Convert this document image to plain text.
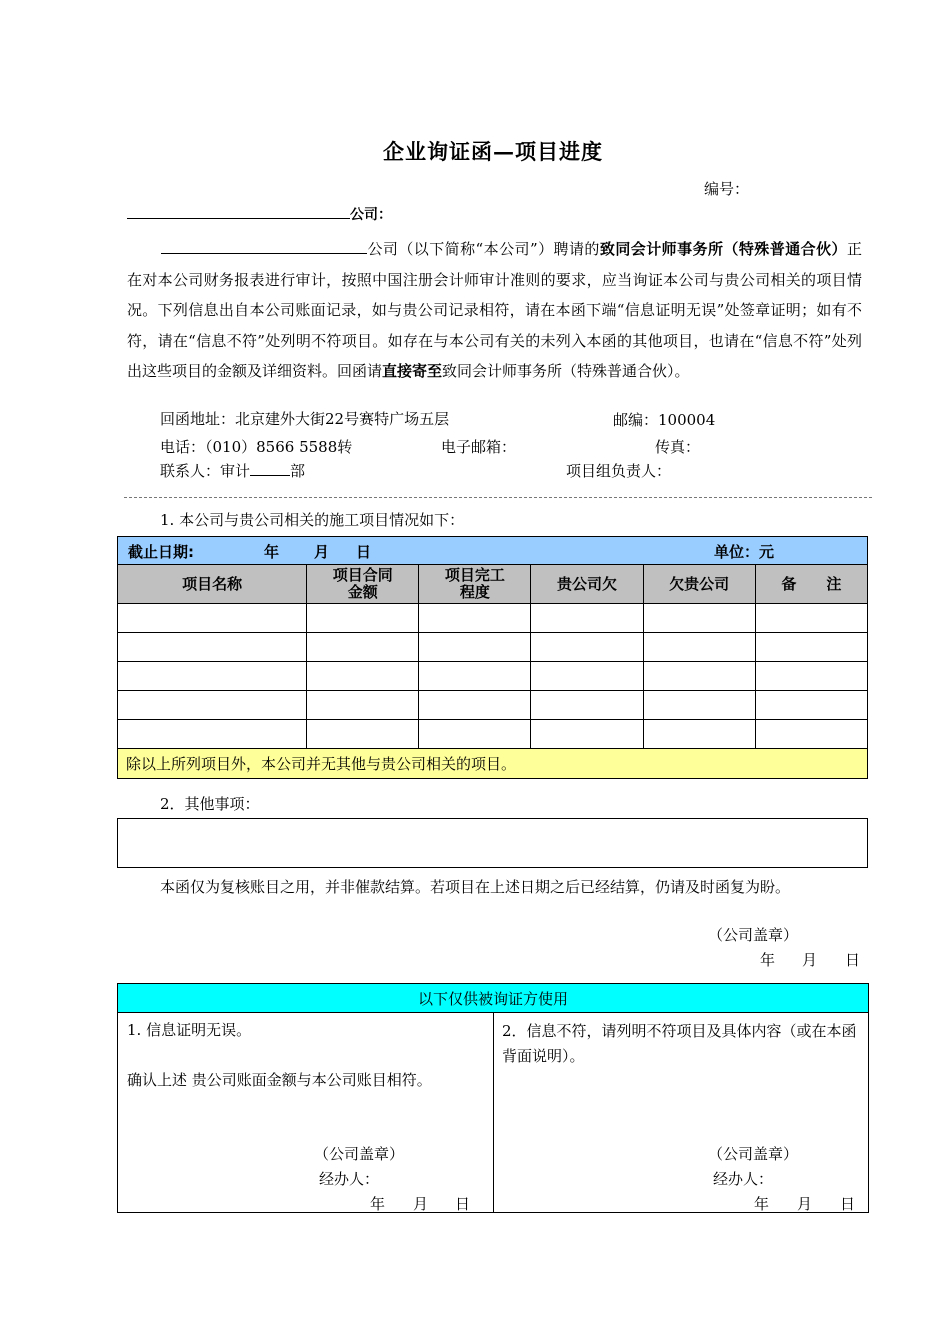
企业询证函—项目进度
编号：
公司：
公司（以下简称“本公司”）聘请的致同会计师事务所（特殊普通合伙）正在对本公司财务报表进行审计，按照中国注册会计师审计准则的要求，应当询证本公司与贵公司相关的项目情况。下列信息出自本公司账面记录，如与贵公司记录相符，请在本函下端“信息证明无误”处签章证明；如有不符，请在“信息不符”处列明不符项目。如存在与本公司有关的未列入本函的其他项目，也请在“信息不符”处列出这些项目的金额及详细资料。回函请直接寄至致同会计师事务所（特殊普通合伙）。
回函地址：北京建外大街22号赛特广场五层	邮编：100004
电话：（010）8566 5588转	电子邮箱：	传真：
联系人：审计	部	项目组负责人：
1. 本公司与贵公司相关的施工项目情况如下：
截止日期: 年 月 日 单位：元					

项目名称	项目合同金额	项目完工程度	贵公司欠	欠贵公司	备　　注

除以上所列项目外，本公司并无其他与贵公司相关的项目。					
2．其他事项：
本函仅为复核账目之用，并非催款结算。若项目在上述日期之后已经结算，仍请及时函复为盼。
（公司盖章）
年 月 日
以下仅供被询证方使用

1. 信息证明无误。
确认上述 贵公司账面金额与本公司账目相符。
（公司盖章）
经办人：
年 月 日

2．信息不符，请列明不符项目及具体内容（或在本函背面说明）。
（公司盖章）
经办人：
年 月 日
